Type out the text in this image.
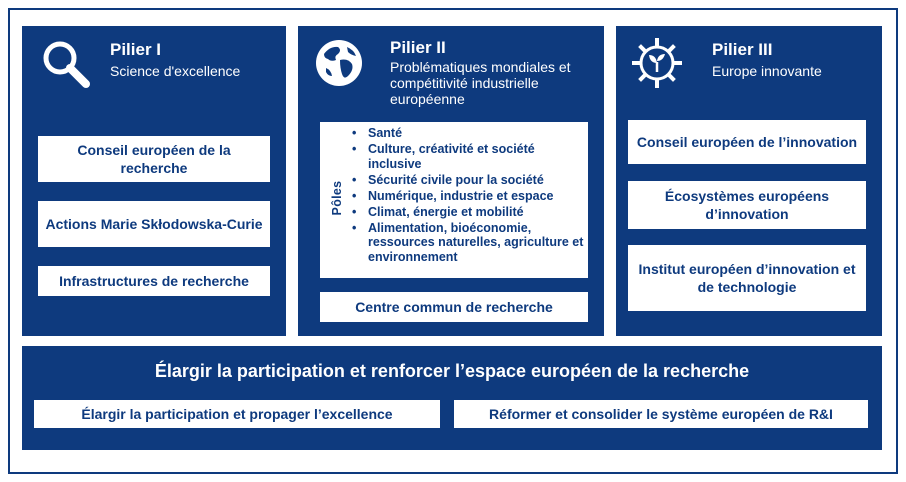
Pilier I
Science d'excellence
Conseil européen de la recherche
Actions Marie Skłodowska-Curie
Infrastructures de recherche
Pilier II
Problématiques mondiales et compétitivité industrielle européenne
Pôles
• Santé
• Culture, créativité et société inclusive
• Sécurité civile pour la société
• Numérique, industrie et espace
• Climat, énergie et mobilité
• Alimentation, bioéconomie, ressources naturelles, agriculture et environnement
Centre commun de recherche
Pilier III
Europe innovante
Conseil européen de l’innovation
Écosystèmes européens d’innovation
Institut européen d’innovation et de technologie
Élargir la participation et renforcer l’espace européen de la recherche
Élargir la participation et propager l’excellence	Réformer et consolider le système européen de R&I
